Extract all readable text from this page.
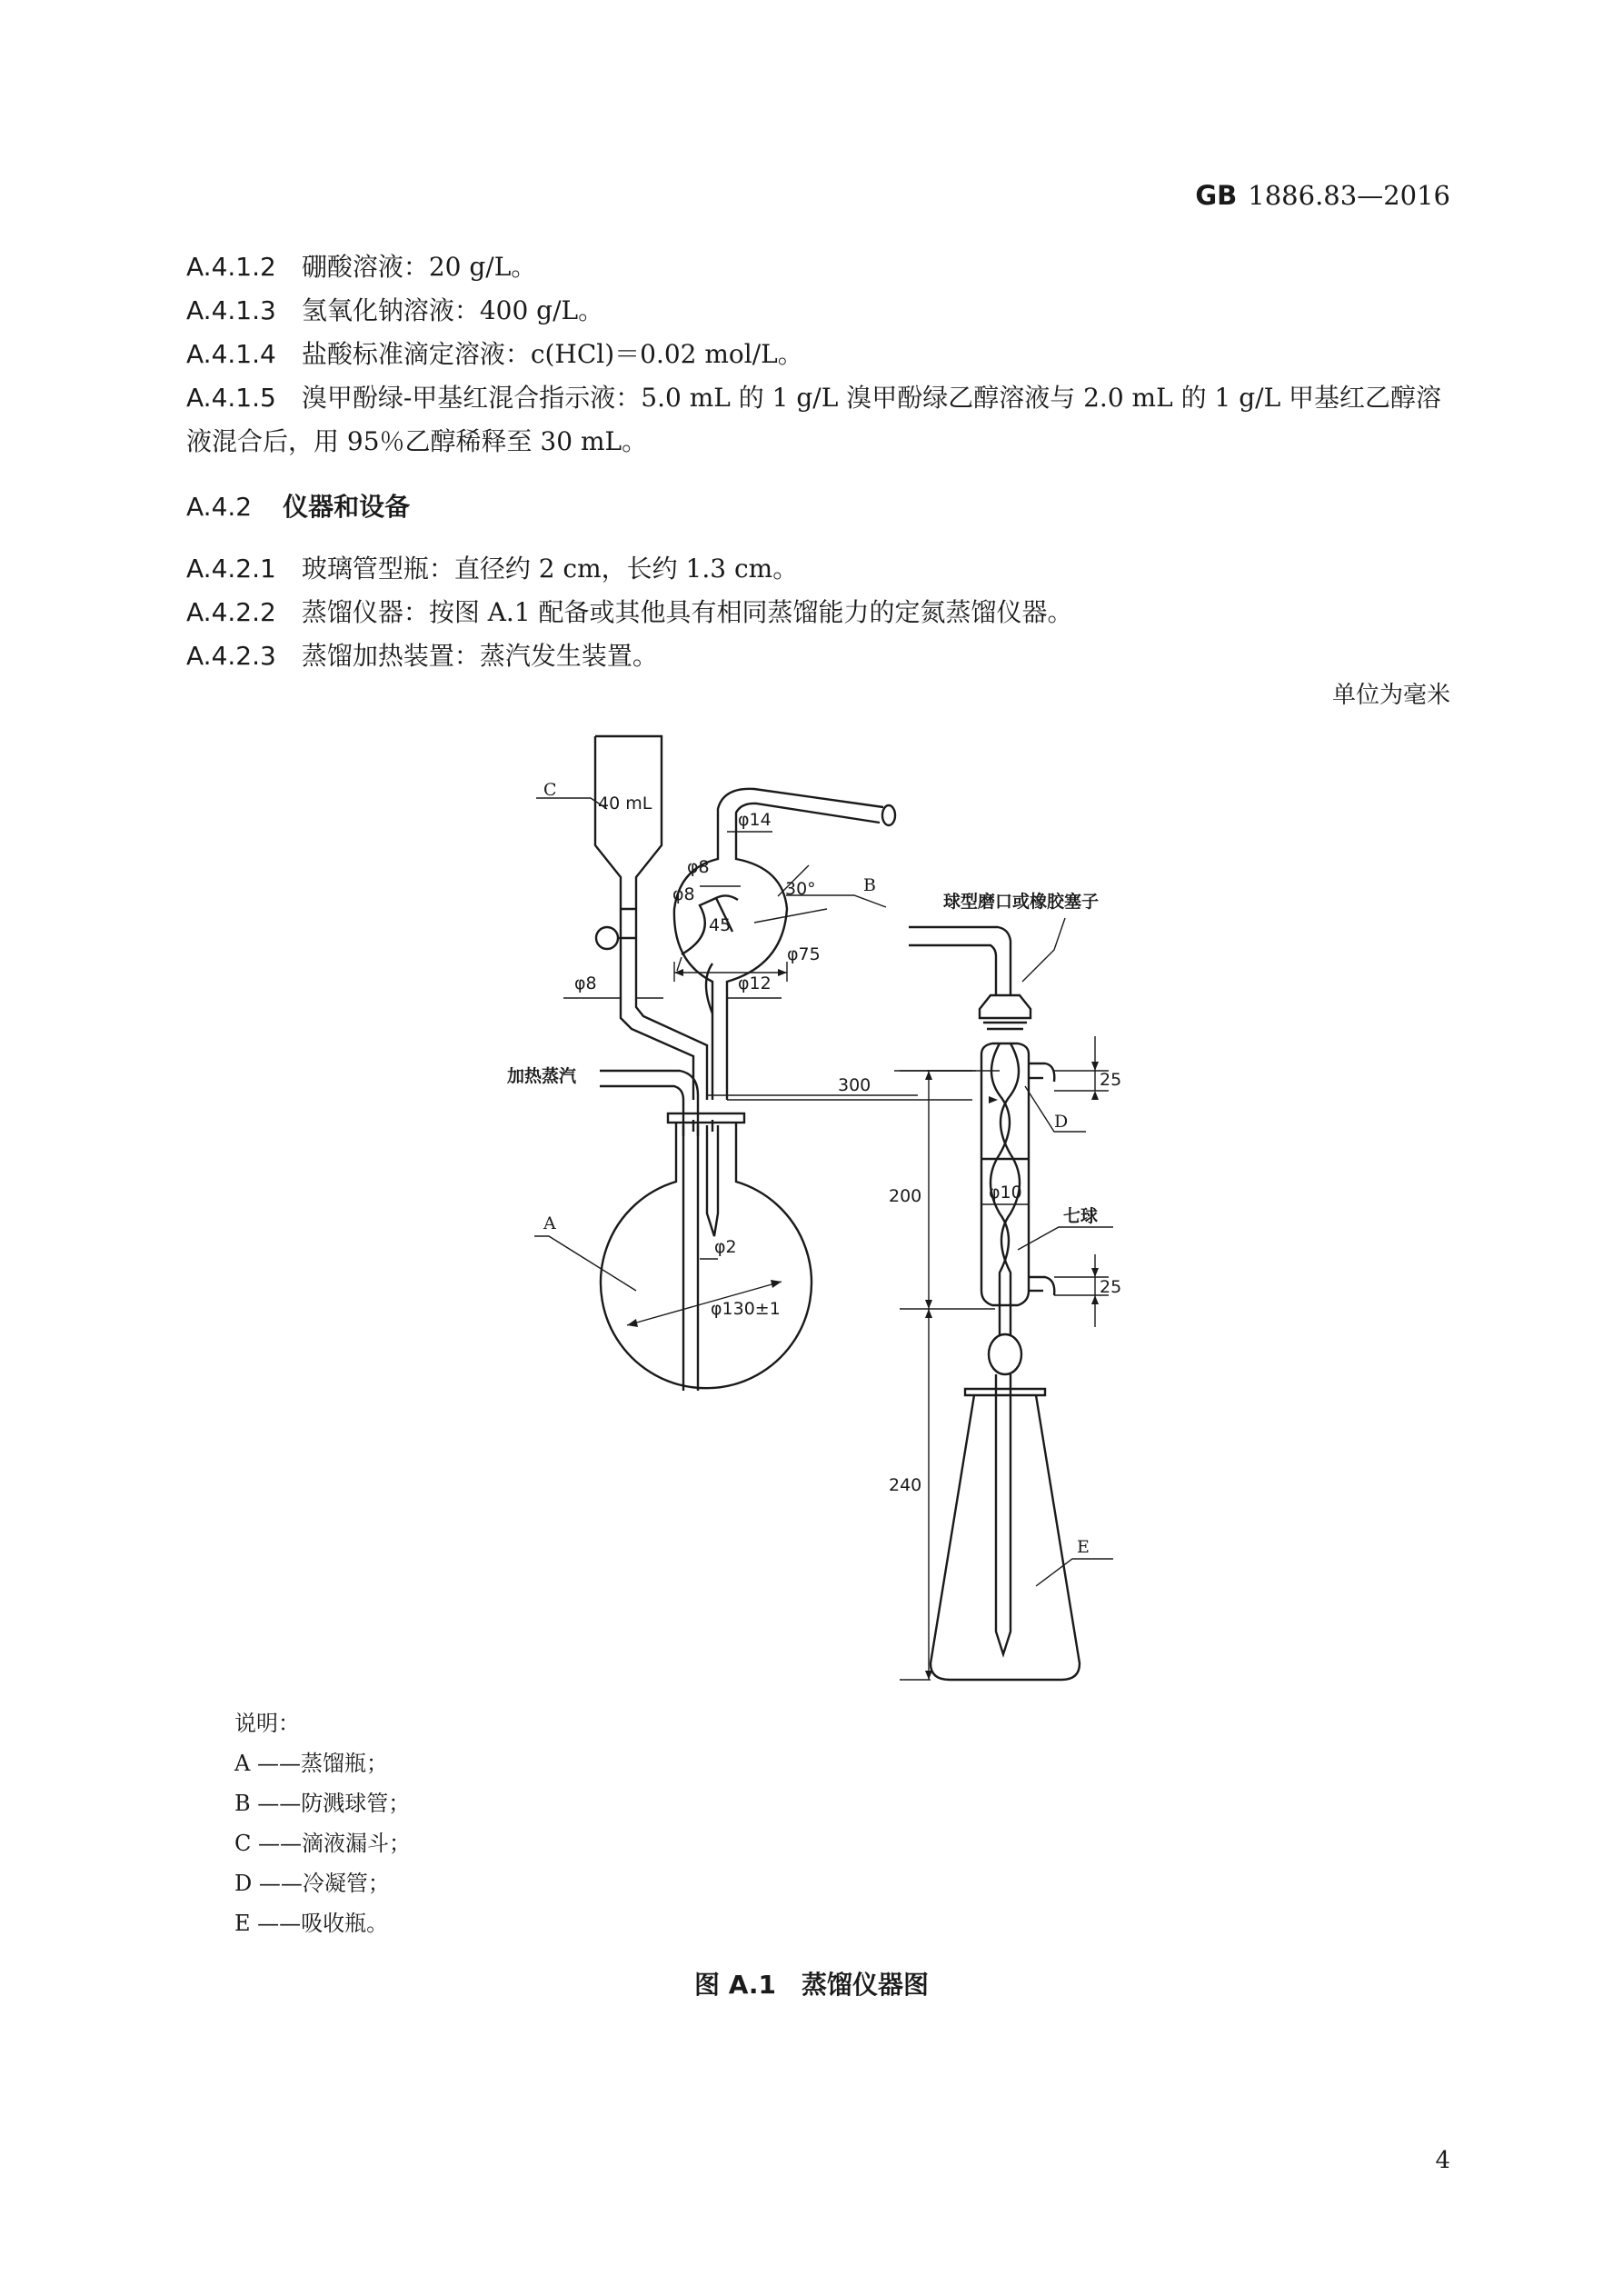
GB 1886.83—2016
A.4.1.2 硼酸溶液：20 g/L。
A.4.1.3 氢氧化钠溶液：400 g/L。
A.4.1.4 盐酸标准滴定溶液：c(HCl)＝0.02 mol/L。
A.4.1.5 溴甲酚绿-甲基红混合指示液：5.0 mL 的 1 g/L 溴甲酚绿乙醇溶液与 2.0 mL 的 1 g/L 甲基红乙醇溶液混合后，用 95％乙醇稀释至 30 mL。
A.4.2 仪器和设备
A.4.2.1 玻璃管型瓶：直径约 2 cm，长约 1.3 cm。
A.4.2.2 蒸馏仪器：按图 A.1 配备或其他具有相同蒸馏能力的定氮蒸馏仪器。
A.4.2.3 蒸馏加热装置：蒸汽发生装置。
单位为毫米
C
40 mL
φ14
φ8
φ8	30°
45
B
φ75
φ8	φ12
加热蒸汽	300
A
φ2
φ130±1
球型磨口或橡胶塞子
25
D
200	φ10
七球
25
240
E
说明：
A ——蒸馏瓶；
B ——防溅球管；
C ——滴液漏斗；
D ——冷凝管；
E ——吸收瓶。
图 A.1　蒸馏仪器图
4
